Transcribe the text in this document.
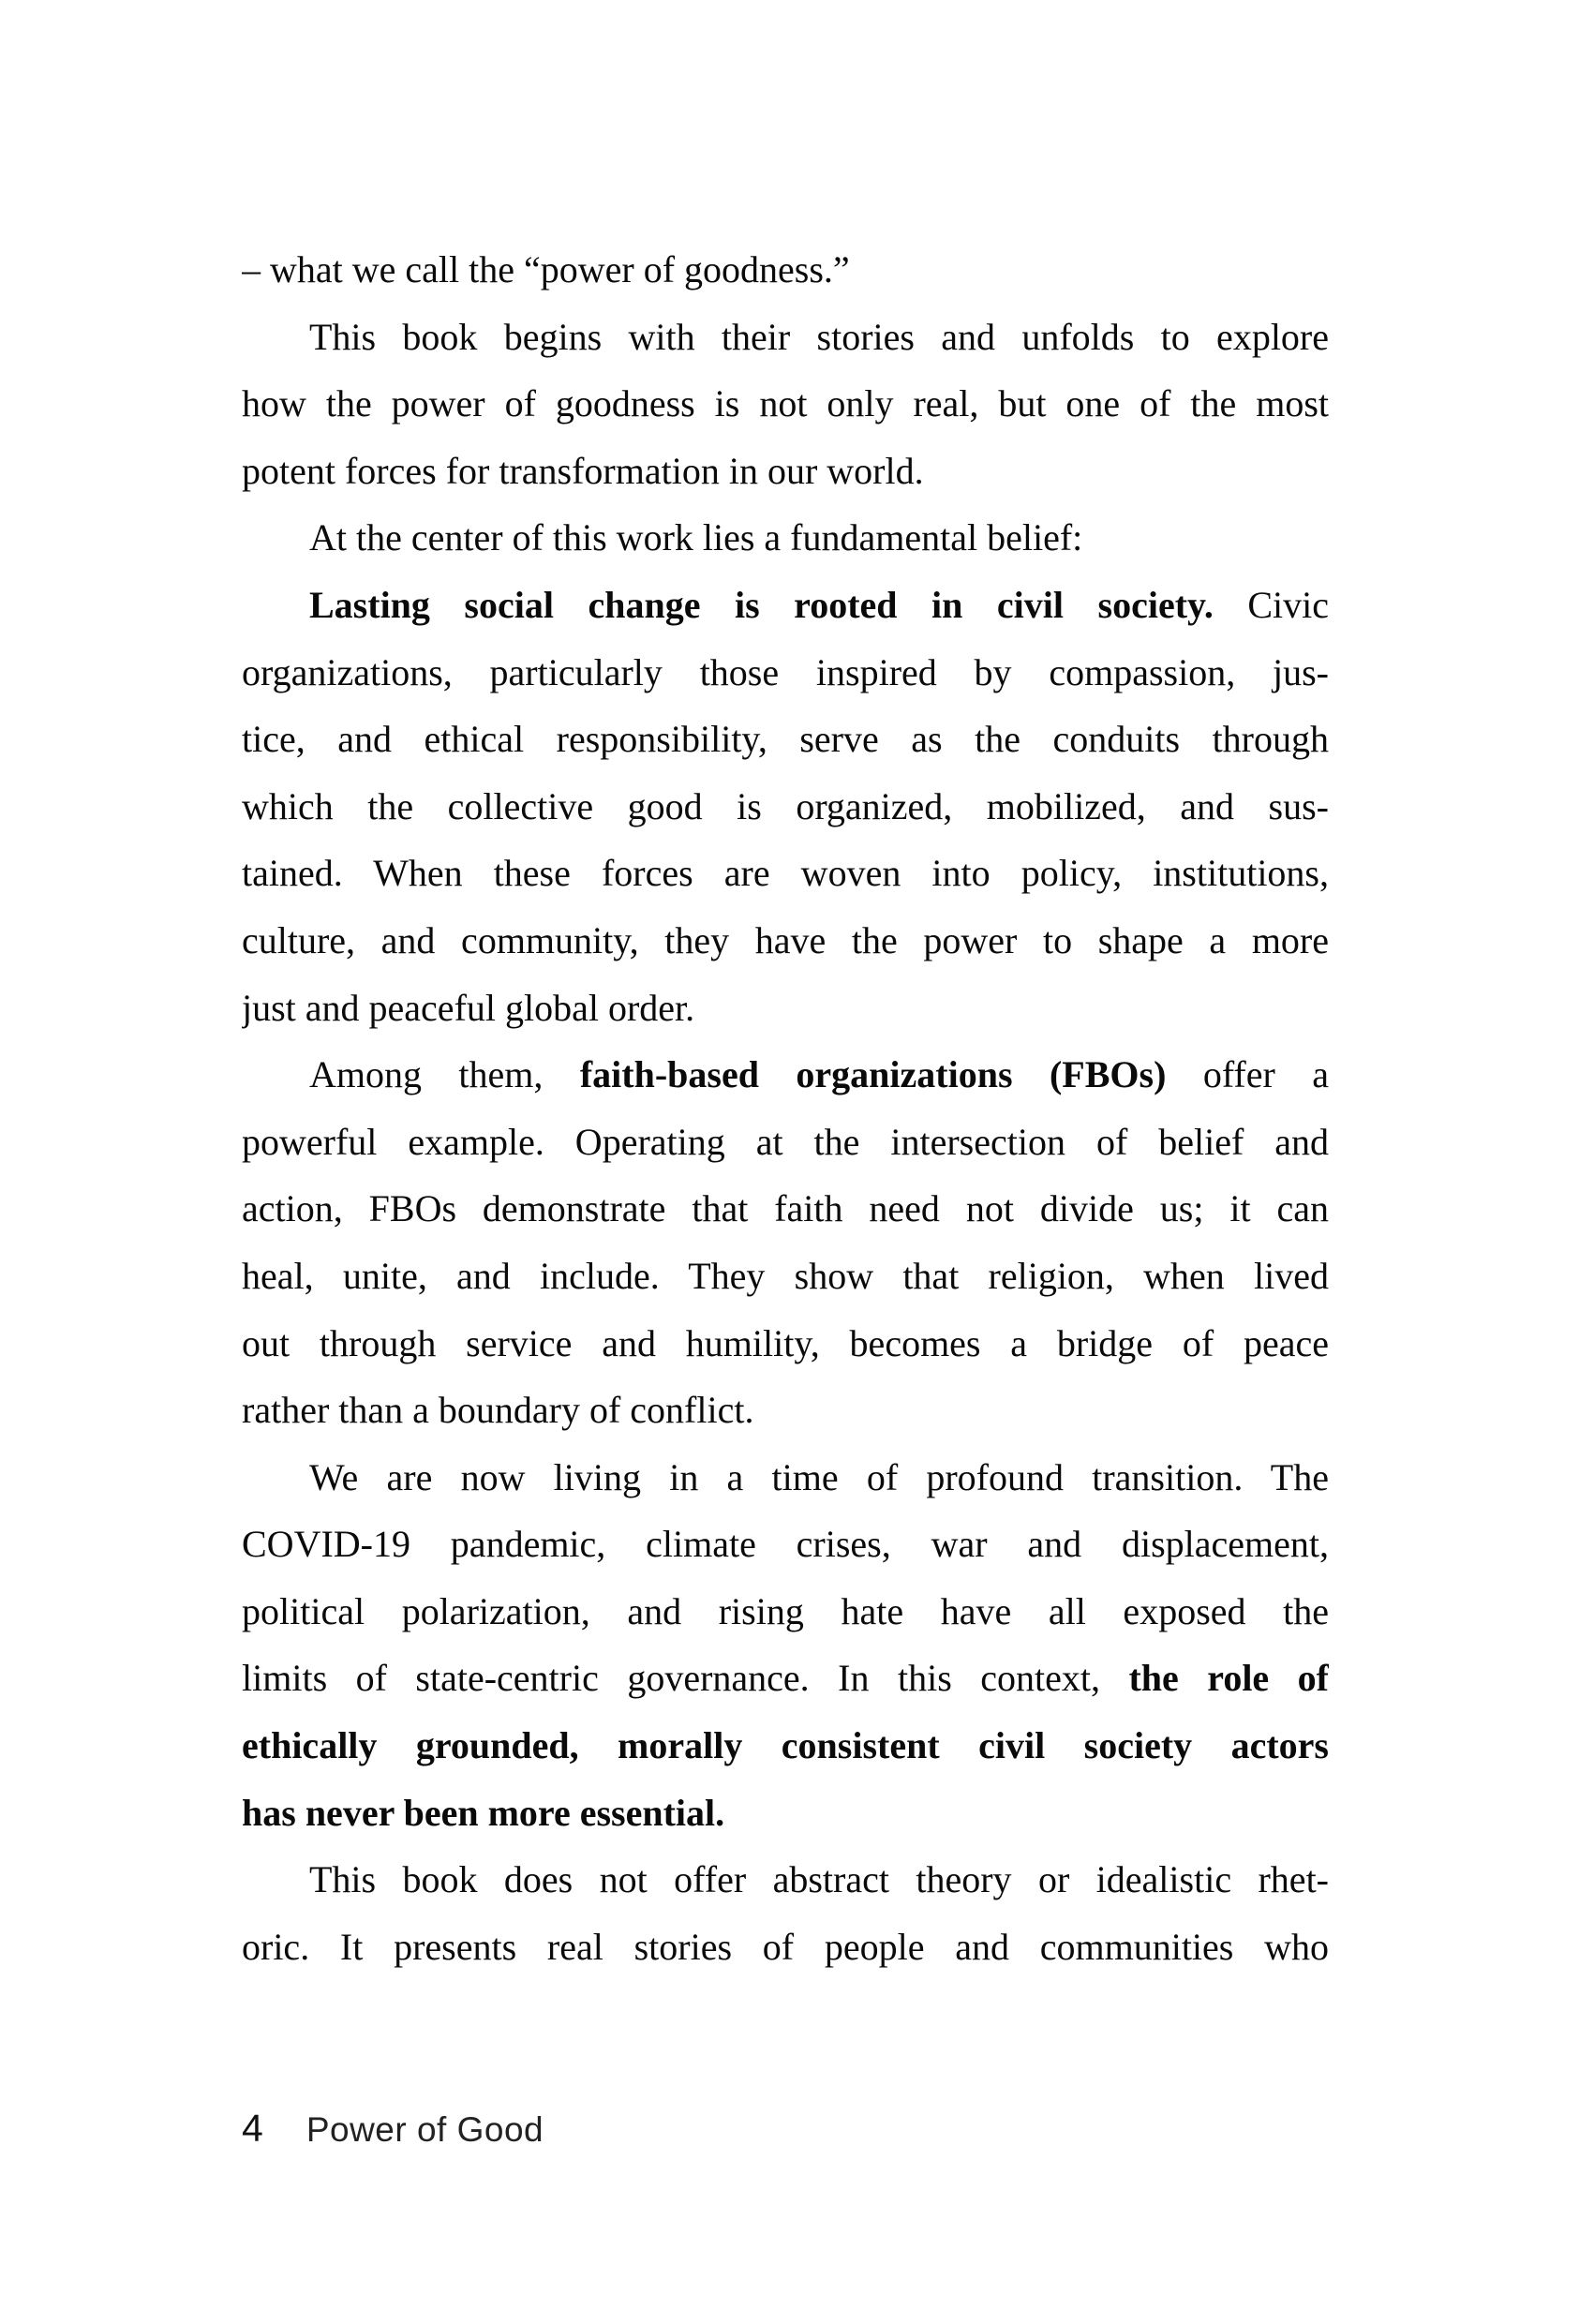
– what we call the “power of goodness.”
This book begins with their stories and unfolds to explore
how the power of goodness is not only real, but one of the most
potent forces for transformation in our world.
At the center of this work lies a fundamental belief:
Lasting social change is rooted in civil society. Civic
organizations, particularly those inspired by compassion, jus-
tice, and ethical responsibility, serve as the conduits through
which the collective good is organized, mobilized, and sus-
tained. When these forces are woven into policy, institutions,
culture, and community, they have the power to shape a more
just and peaceful global order.
Among them, faith-based organizations (FBOs) offer a
powerful example. Operating at the intersection of belief and
action, FBOs demonstrate that faith need not divide us; it can
heal, unite, and include. They show that religion, when lived
out through service and humility, becomes a bridge of peace
rather than a boundary of conflict.
We are now living in a time of profound transition. The
COVID-19 pandemic, climate crises, war and displacement,
political polarization, and rising hate have all exposed the
limits of state-centric governance. In this context, the role of
ethically grounded, morally consistent civil society actors
has never been more essential.
This book does not offer abstract theory or idealistic rhet-
oric. It presents real stories of people and communities who
4 Power of Good
